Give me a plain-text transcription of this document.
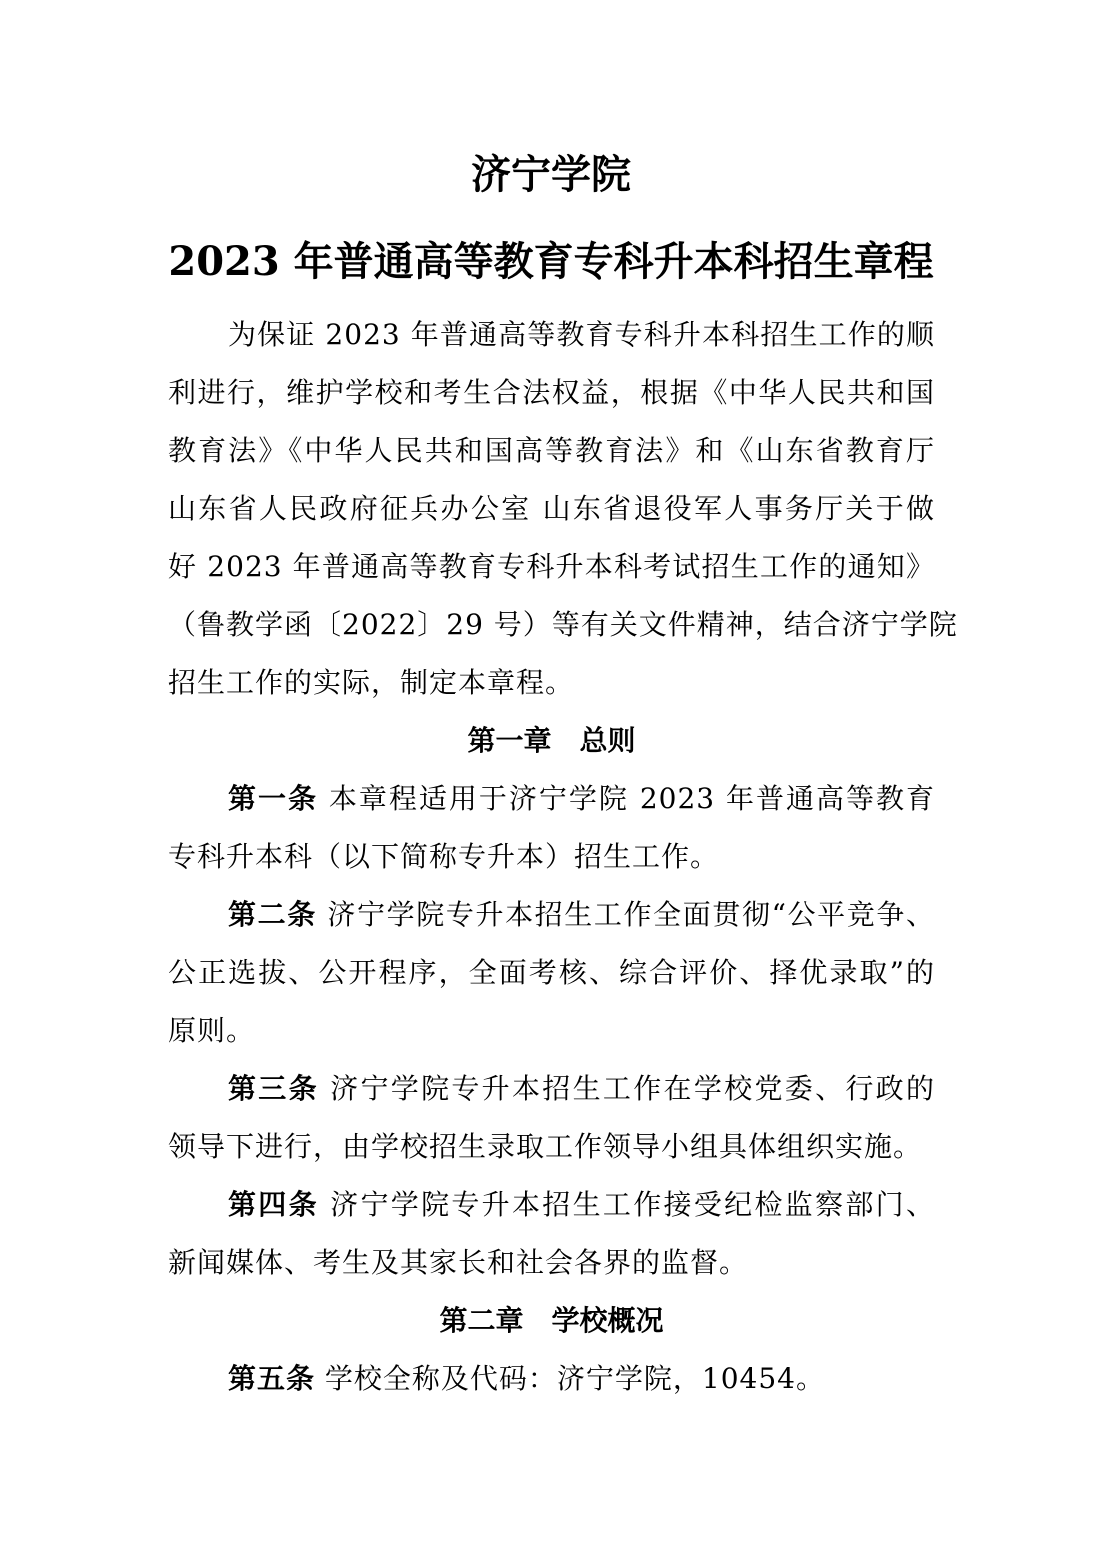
济宁学院
2023 年普通高等教育专科升本科招生章程
为保证 2023 年普通高等教育专科升本科招生工作的顺
利进行，维护学校和考生合法权益，根据《中华人民共和国
教育法》《中华人民共和国高等教育法》和《山东省教育厅
山东省人民政府征兵办公室 山东省退役军人事务厅关于做
好 2023 年普通高等教育专科升本科考试招生工作的通知》
（鲁教学函〔2022〕29 号）等有关文件精神，结合济宁学院
招生工作的实际，制定本章程。
第一章　总则
第一条 本章程适用于济宁学院 2023 年普通高等教育
专科升本科（以下简称专升本）招生工作。
第二条 济宁学院专升本招生工作全面贯彻“公平竞争、
公正选拔、公开程序，全面考核、综合评价、择优录取”的
原则。
第三条 济宁学院专升本招生工作在学校党委、行政的
领导下进行，由学校招生录取工作领导小组具体组织实施。
第四条 济宁学院专升本招生工作接受纪检监察部门、
新闻媒体、考生及其家长和社会各界的监督。
第二章　学校概况
第五条 学校全称及代码：济宁学院，10454。
